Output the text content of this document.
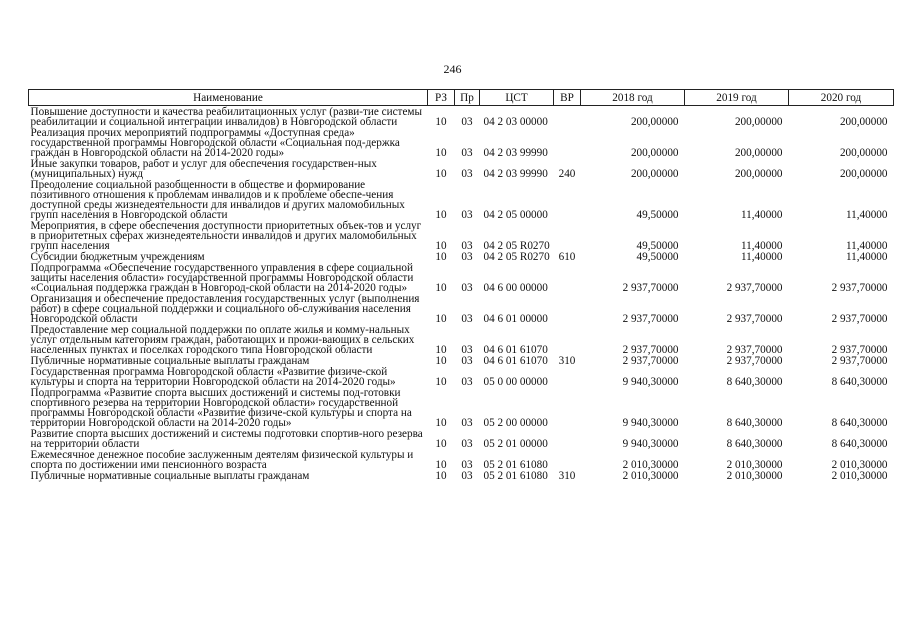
246
Наименование	РЗ	Пр	ЦСТ	ВР	2018 год	2019 год	2020 год
Повышение доступности и качества реабилитационных услуг (разви-тие системы реабилитации и социальной интеграции инвалидов) в Новгородской области	10	03	04 2 03 00000		200,00000	200,00000	200,00000
Реализация прочих мероприятий подпрограммы «Доступная среда» государственной программы Новгородской области «Социальная под-держка граждан в Новгородской области на 2014-2020 годы»	10	03	04 2 03 99990		200,00000	200,00000	200,00000
Иные закупки товаров, работ и услуг для обеспечения государствен-ных (муниципальных) нужд	10	03	04 2 03 99990	240	200,00000	200,00000	200,00000
Преодоление социальной разобщенности в обществе и формирование позитивного отношения к проблемам инвалидов и к проблеме обеспе-чения доступной среды жизнедеятельности для инвалидов и других маломобильных групп населения в Новгородской области	10	03	04 2 05 00000		49,50000	11,40000	11,40000
Мероприятия, в сфере обеспечения доступности приоритетных объек-тов и услуг в приоритетных сферах жизнедеятельности инвалидов и других маломобильных групп населения	10	03	04 2 05 R0270		49,50000	11,40000	11,40000
Субсидии бюджетным учреждениям	10	03	04 2 05 R0270	610	49,50000	11,40000	11,40000
Подпрограмма «Обеспечение государственного управления в сфере социальной защиты населения области» государственной программы Новгородской области «Социальная поддержка граждан в Новгород-ской области на 2014-2020 годы»	10	03	04 6 00 00000		2 937,70000	2 937,70000	2 937,70000
Организация и обеспечение предоставления государственных услуг (выполнения работ) в сфере социальной поддержки и социального об-служивания населения Новгородской области	10	03	04 6 01 00000		2 937,70000	2 937,70000	2 937,70000
Предоставление мер социальной поддержки по оплате жилья и комму-нальных услуг отдельным категориям граждан, работающих и прожи-вающих в сельских населенных пунктах и поселках городского типа Новгородской области	10	03	04 6 01 61070		2 937,70000	2 937,70000	2 937,70000
Публичные нормативные социальные выплаты гражданам	10	03	04 6 01 61070	310	2 937,70000	2 937,70000	2 937,70000
Государственная программа Новгородской области «Развитие физиче-ской культуры и спорта на территории Новгородской области на 2014-2020 годы»	10	03	05 0 00 00000		9 940,30000	8 640,30000	8 640,30000
Подпрограмма «Развитие спорта высших достижений и системы под-готовки спортивного резерва на территории Новгородской области» государственной программы Новгородской области «Развитие физиче-ской культуры и спорта на территории Новгородской области на 2014-2020 годы»	10	03	05 2 00 00000		9 940,30000	8 640,30000	8 640,30000
Развитие спорта высших достижений и системы подготовки спортив-ного резерва на территории области	10	03	05 2 01 00000		9 940,30000	8 640,30000	8 640,30000
Ежемесячное денежное пособие заслуженным деятелям физической культуры и спорта по достижении ими пенсионного возраста	10	03	05 2 01 61080		2 010,30000	2 010,30000	2 010,30000
Публичные нормативные социальные выплаты гражданам	10	03	05 2 01 61080	310	2 010,30000	2 010,30000	2 010,30000
